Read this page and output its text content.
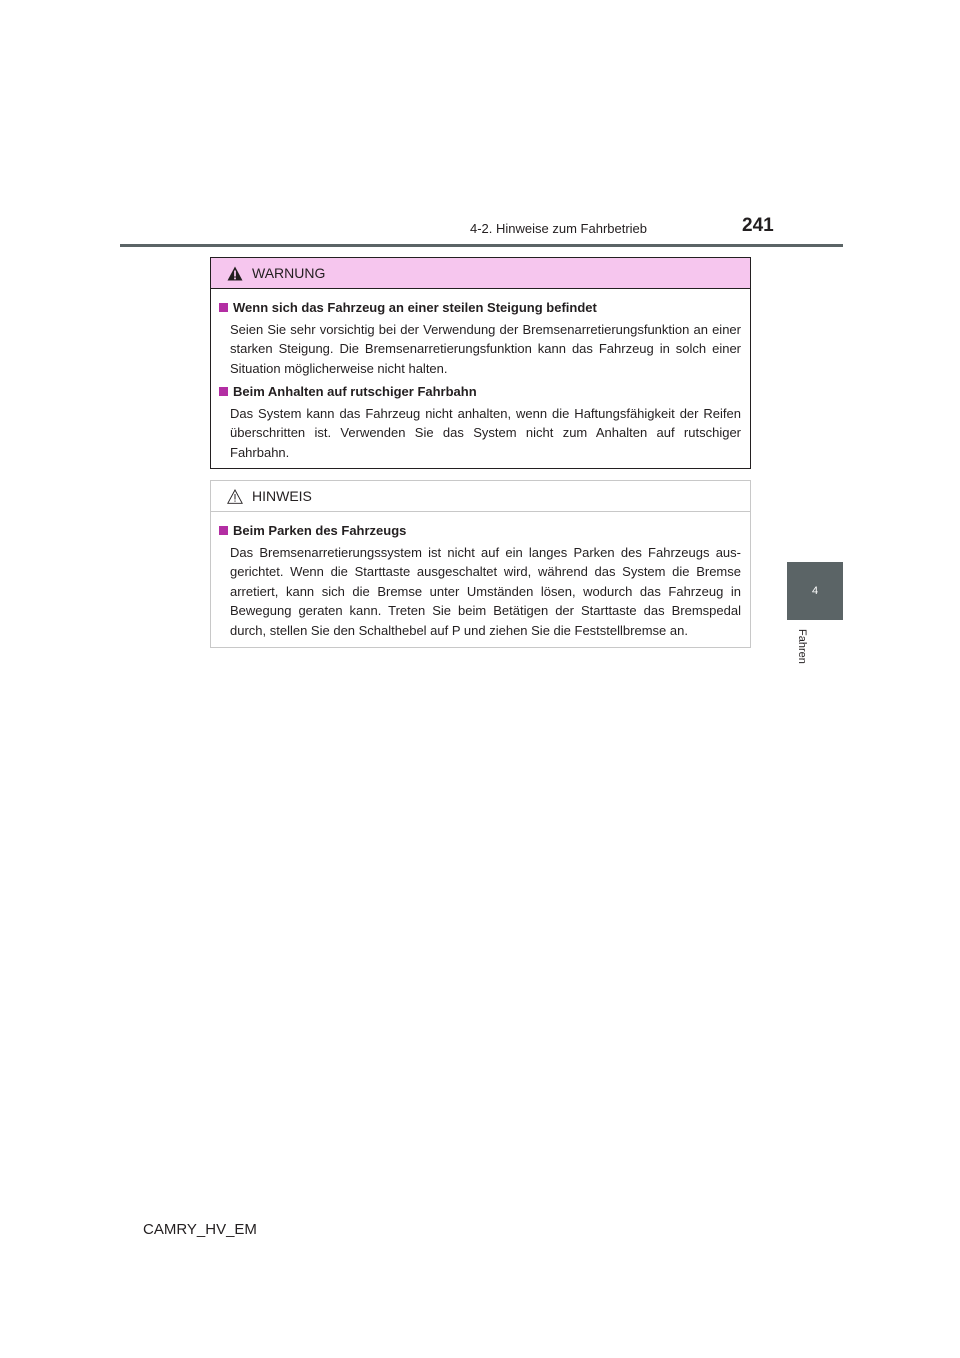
4-2. Hinweise zum Fahrbetrieb	241
4
Fahren
WARNUNG

Wenn sich das Fahrzeug an einer steilen Steigung befindet

Seien Sie sehr vorsichtig bei der Verwendung der Bremsenarretierungsfunktion an einer starken Steigung. Die Bremsenarretierungsfunktion kann das Fahrzeug in solch einer Situation möglicherweise nicht halten.

Beim Anhalten auf rutschiger Fahrbahn

Das System kann das Fahrzeug nicht anhalten, wenn die Haftungsfähigkeit der Reifen überschritten ist. Verwenden Sie das System nicht zum Anhalten auf rutschiger Fahrbahn.

HINWEIS

Beim Parken des Fahrzeugs

Das Bremsenarretierungssystem ist nicht auf ein langes Parken des Fahrzeugs ausgerichtet. Wenn die Starttaste ausgeschaltet wird, während das System die Bremse arretiert, kann sich die Bremse unter Umständen lösen, wodurch das Fahrzeug in Bewegung geraten kann. Treten Sie beim Betätigen der Starttaste das Bremspedal durch, stellen Sie den Schalthebel auf P und ziehen Sie die Feststellbremse an.

CAMRY_HV_EM
